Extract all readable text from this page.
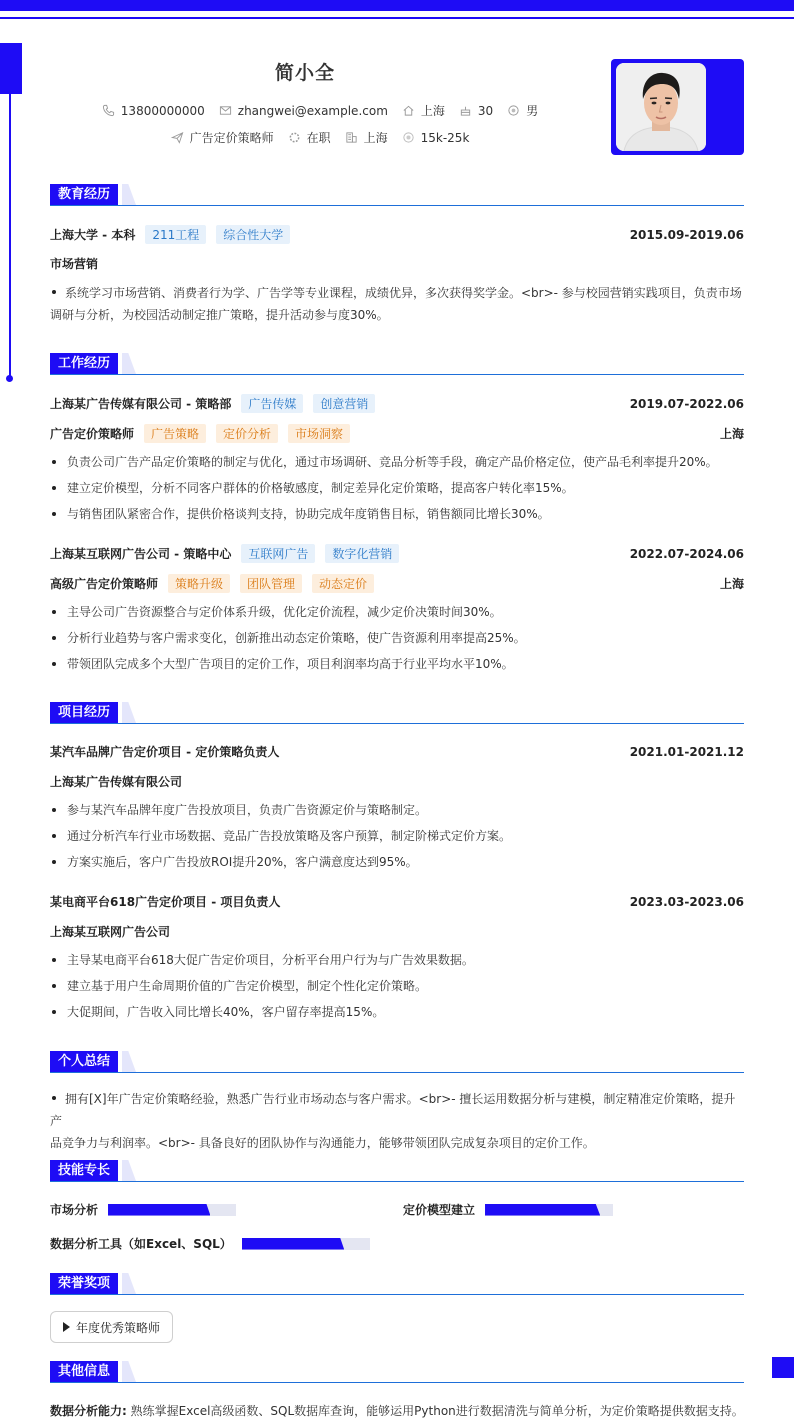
简小全
13800000000	zhangwei@example.com	上海	30	男
广告定价策略师	在职	上海	15k-25k
教育经历
上海大学 - 本科	211工程	综合性大学	2015.09-2019.06
市场营销
系统学习市场营销、消费者行为学、广告学等专业课程，成绩优异，多次获得奖学金。<br>- 参与校园营销实践项目，负责市场
调研与分析，为校园活动制定推广策略，提升活动参与度30%。
工作经历
上海某广告传媒有限公司 - 策略部	广告传媒	创意营销	2019.07-2022.06
广告定价策略师	广告策略	定价分析	市场洞察	上海
负责公司广告产品定价策略的制定与优化，通过市场调研、竞品分析等手段，确定产品价格定位，使产品毛利率提升20%。
建立定价模型，分析不同客户群体的价格敏感度，制定差异化定价策略，提高客户转化率15%。
与销售团队紧密合作，提供价格谈判支持，协助完成年度销售目标，销售额同比增长30%。
上海某互联网广告公司 - 策略中心	互联网广告	数字化营销	2022.07-2024.06
高级广告定价策略师	策略升级	团队管理	动态定价	上海
主导公司广告资源整合与定价体系升级，优化定价流程，减少定价决策时间30%。
分析行业趋势与客户需求变化，创新推出动态定价策略，使广告资源利用率提高25%。
带领团队完成多个大型广告项目的定价工作，项目利润率均高于行业平均水平10%。
项目经历
某汽车品牌广告定价项目 - 定价策略负责人	2021.01-2021.12
上海某广告传媒有限公司
参与某汽车品牌年度广告投放项目，负责广告资源定价与策略制定。
通过分析汽车行业市场数据、竞品广告投放策略及客户预算，制定阶梯式定价方案。
方案实施后，客户广告投放ROI提升20%，客户满意度达到95%。
某电商平台618广告定价项目 - 项目负责人	2023.03-2023.06
上海某互联网广告公司
主导某电商平台618大促广告定价项目，分析平台用户行为与广告效果数据。
建立基于用户生命周期价值的广告定价模型，制定个性化定价策略。
大促期间，广告收入同比增长40%，客户留存率提高15%。
个人总结
拥有[X]年广告定价策略经验，熟悉广告行业市场动态与客户需求。<br>- 擅长运用数据分析与建模，制定精准定价策略，提升产
品竞争力与利润率。<br>- 具备良好的团队协作与沟通能力，能够带领团队完成复杂项目的定价工作。
技能专长
市场分析	定价模型建立
数据分析工具（如Excel、SQL）
荣誉奖项
年度优秀策略师
其他信息
数据分析能力: 熟练掌握Excel高级函数、SQL数据库查询，能够运用Python进行数据清洗与简单分析，为定价策略提供数据支持。
